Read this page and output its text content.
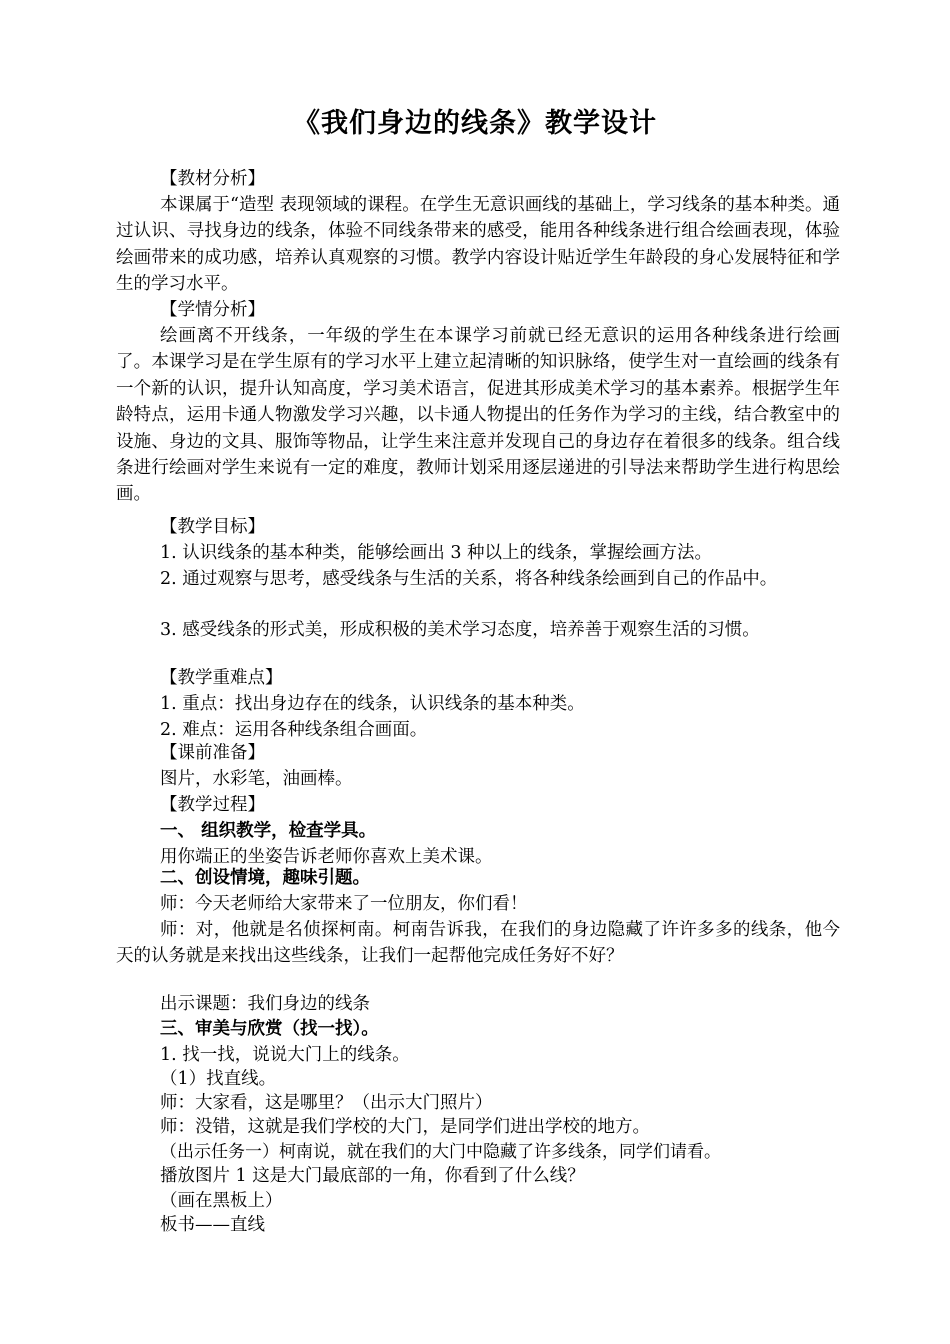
《我们身边的线条》教学设计
【教材分析】
本课属于“造型 表现领域的课程。在学生无意识画线的基础上，学习线条的基本种类。通过认识、寻找身边的线条，体验不同线条带来的感受，能用各种线条进行组合绘画表现，体验绘画带来的成功感，培养认真观察的习惯。教学内容设计贴近学生年龄段的身心发展特征和学生的学习水平。
【学情分析】
绘画离不开线条，一年级的学生在本课学习前就已经无意识的运用各种线条进行绘画了。本课学习是在学生原有的学习水平上建立起清晰的知识脉络，使学生对一直绘画的线条有一个新的认识，提升认知高度，学习美术语言，促进其形成美术学习的基本素养。根据学生年龄特点，运用卡通人物激发学习兴趣，以卡通人物提出的任务作为学习的主线，结合教室中的设施、身边的文具、服饰等物品，让学生来注意并发现自己的身边存在着很多的线条。组合线条进行绘画对学生来说有一定的难度，教师计划采用逐层递进的引导法来帮助学生进行构思绘画。
【教学目标】
1. 认识线条的基本种类，能够绘画出 3 种以上的线条，掌握绘画方法。
2. 通过观察与思考，感受线条与生活的关系，将各种线条绘画到自己的作品中。
3. 感受线条的形式美，形成积极的美术学习态度，培养善于观察生活的习惯。
【教学重难点】
1. 重点：找出身边存在的线条，认识线条的基本种类。
2. 难点：运用各种线条组合画面。
【课前准备】
图片，水彩笔，油画棒。
【教学过程】
一、 组织教学，检查学具。
用你端正的坐姿告诉老师你喜欢上美术课。
二、创设情境，趣味引题。
师：今天老师给大家带来了一位朋友，你们看！
师：对，他就是名侦探柯南。柯南告诉我，在我们的身边隐藏了许许多多的线条，他今天的认务就是来找出这些线条，让我们一起帮他完成任务好不好？
出示课题：我们身边的线条
三、审美与欣赏（找一找）。
1. 找一找，说说大门上的线条。
（1）找直线。
师：大家看，这是哪里？（出示大门照片）
师：没错，这就是我们学校的大门，是同学们进出学校的地方。
（出示任务一）柯南说，就在我们的大门中隐藏了许多线条，同学们请看。
播放图片 1 这是大门最底部的一角，你看到了什么线？
（画在黑板上）
板书——直线
